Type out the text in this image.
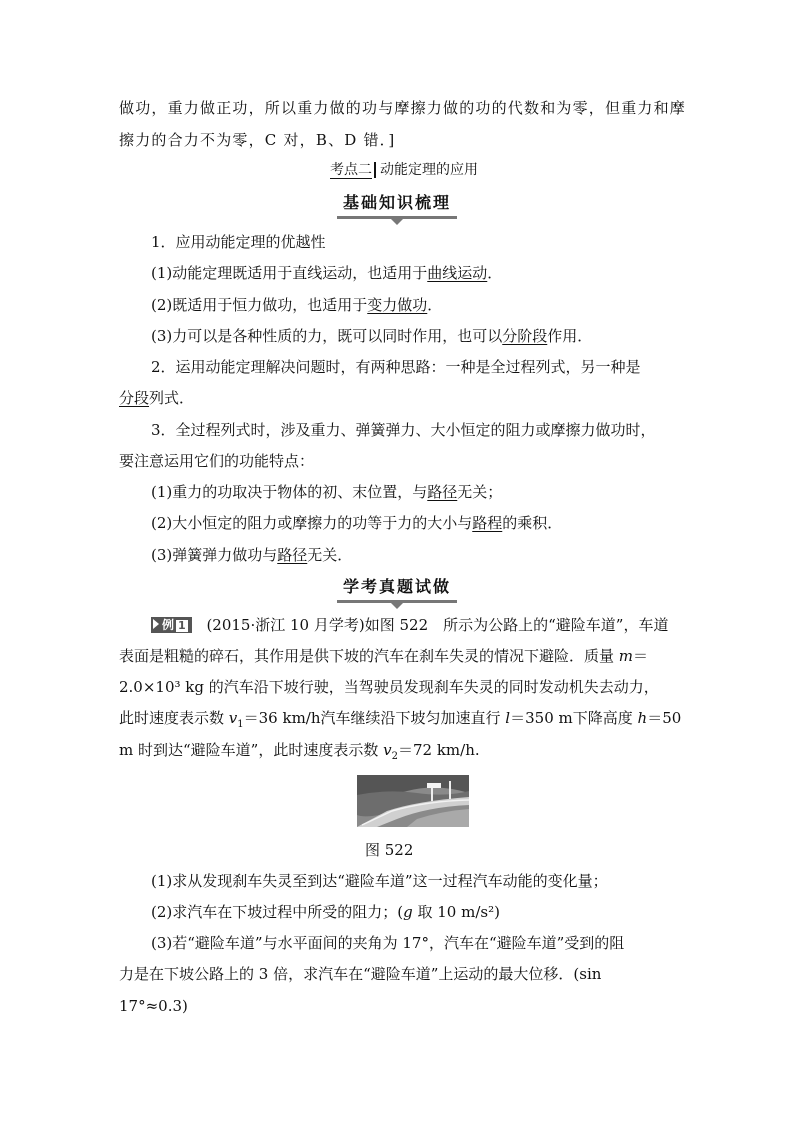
做功，重力做正功，所以重力做的功与摩擦力做的功的代数和为零，但重力和摩
擦力的合力不为零，C 对，B、D 错．]
考点二 动能定理的应用
基础知识梳理
1．应用动能定理的优越性
(1)动能定理既适用于直线运动，也适用于曲线运动．
(2)既适用于恒力做功，也适用于变力做功．
(3)力可以是各种性质的力，既可以同时作用，也可以分阶段作用．
2．运用动能定理解决问题时，有两种思路：一种是全过程列式，另一种是
分段列式．
3．全过程列式时，涉及重力、弹簧弹力、大小恒定的阻力或摩擦力做功时，
要注意运用它们的功能特点：
(1)重力的功取决于物体的初、末位置，与路径无关；
(2)大小恒定的阻力或摩擦力的功等于力的大小与路程的乘积．
(3)弹簧弹力做功与路径无关．
学考真题试做
例 1 (2015·浙江 10 月学考)如图 522　所示为公路上的“避险车道”，车道
表面是粗糙的碎石，其作用是供下坡的汽车在刹车失灵的情况下避险．质量 m＝
2.0×10³ kg 的汽车沿下坡行驶，当驾驶员发现刹车失灵的同时发动机失去动力，
此时速度表示数 $v_1=36$ km/h汽车继续沿下坡匀加速直行 l＝350 m下降高度 h＝50
m 时到达“避险车道”，此时速度表示数 $v_2=72$ km/h.
图 522
(1)求从发现刹车失灵至到达“避险车道”这一过程汽车动能的变化量；
(2)求汽车在下坡过程中所受的阻力；(g 取 10 m/s²)
(3)若“避险车道”与水平面间的夹角为 17°，汽车在“避险车道”受到的阻
力是在下坡公路上的 3 倍，求汽车在“避险车道”上运动的最大位移．(sin
17°≈0.3)
